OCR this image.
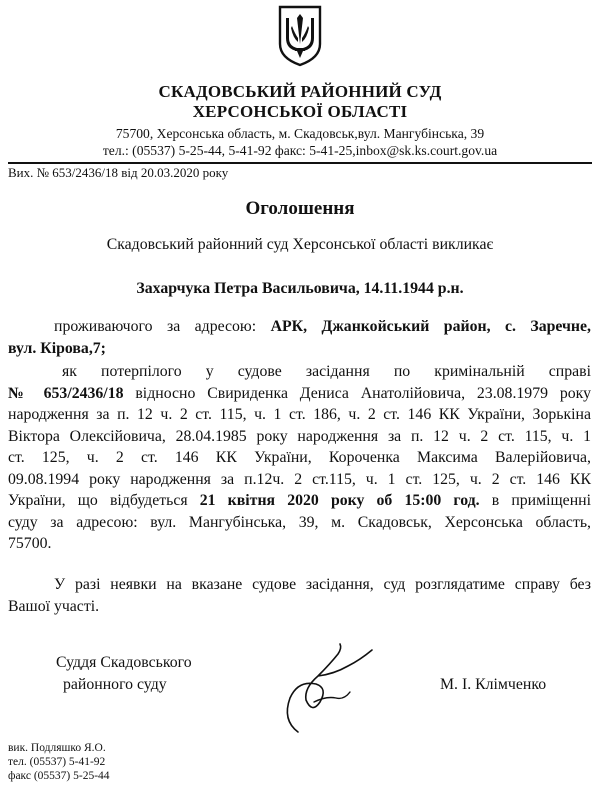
СКАДОВСЬКИЙ РАЙОННИЙ СУД
ХЕРСОНСЬКОЇ ОБЛАСТІ
75700, Херсонська область, м. Скадовськ,вул. Мангубінська, 39
тел.: (05537) 5-25-44, 5-41-92 факс: 5-41-25,inbox@sk.ks.court.gov.ua
Вих. № 653/2436/18 від 20.03.2020 року
Оголошення
Скадовський районний суд Херсонської області викликає
Захарчука Петра Васильовича, 14.11.1944 р.н.
проживаючого за адресою: АРК, Джанкойський район, с. Заречне,
вул. Кірова,7;
як потерпілого у судове засідання по кримінальній справі
№ 653/2436/18 відносно Свириденка Дениса Анатолійовича, 23.08.1979 року
народження за п. 12 ч. 2 ст. 115, ч. 1 ст. 186, ч. 2 ст. 146 КК України, Зорькіна
Віктора Олексійовича, 28.04.1985 року народження за п. 12 ч. 2 ст. 115, ч. 1
ст. 125, ч. 2 ст. 146 КК України, Короченка Максима Валерійовича,
09.08.1994 року народження за п.12ч. 2 ст.115, ч. 1 ст. 125, ч. 2 ст. 146 КК
України, що відбудеться 21 квітня 2020 року об 15:00 год. в приміщенні
суду за адресою: вул. Мангубінська, 39, м. Скадовськ, Херсонська область,
75700.
У разі неявки на вказане судове засідання, суд розглядатиме справу без
Вашої участі.
Суддя Скадовського
районного суду	М. І. Клімченко
вик. Подляшко Я.О.
тел. (05537) 5-41-92
факс (05537) 5-25-44
